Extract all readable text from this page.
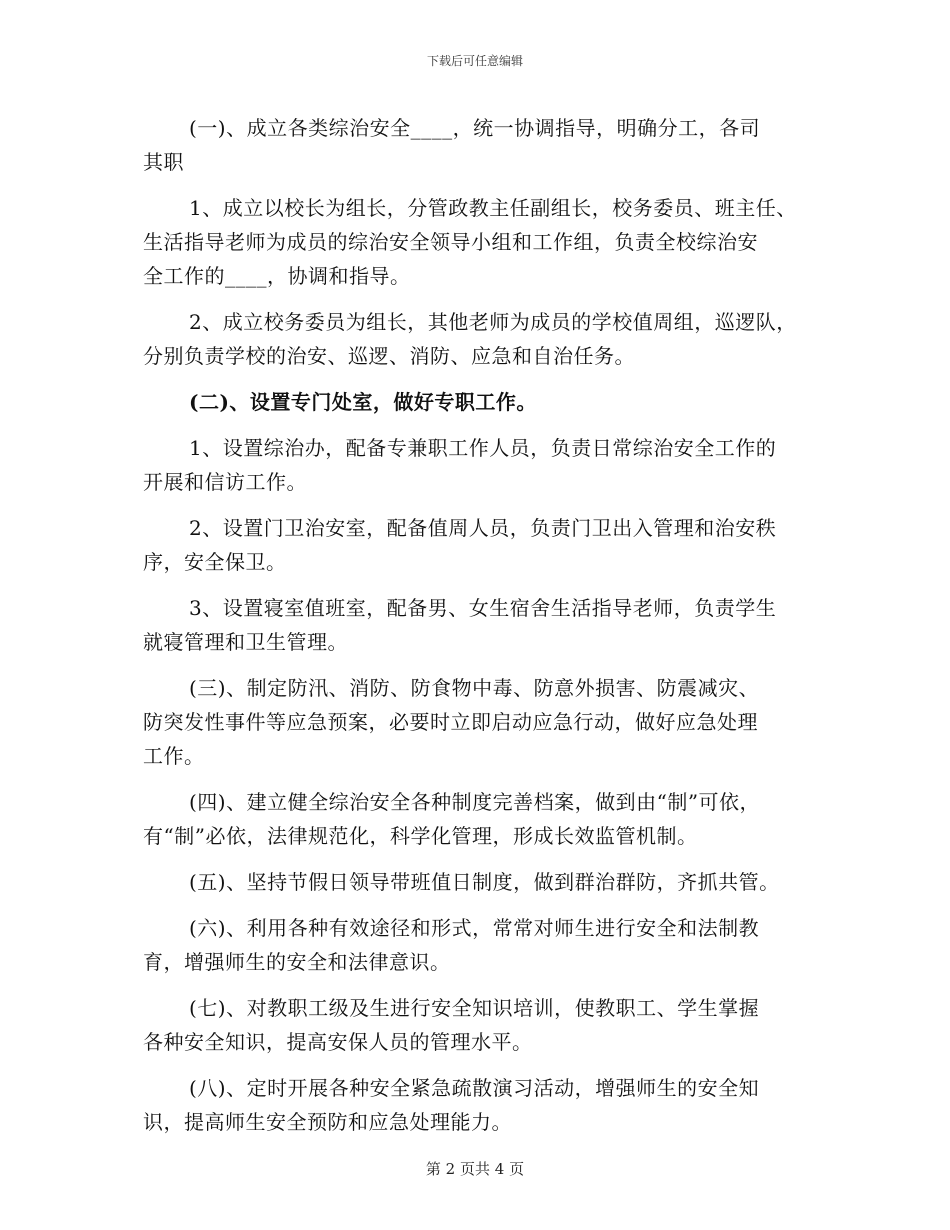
下载后可任意编辑
(一)、成立各类综治安全____，统一协调指导，明确分工，各司
其职
1、成立以校长为组长，分管政教主任副组长，校务委员、班主任、
生活指导老师为成员的综治安全领导小组和工作组，负责全校综治安
全工作的____，协调和指导。
2、成立校务委员为组长，其他老师为成员的学校值周组，巡逻队，
分别负责学校的治安、巡逻、消防、应急和自治任务。
(二)、设置专门处室，做好专职工作。
1、设置综治办，配备专兼职工作人员，负责日常综治安全工作的
开展和信访工作。
2、设置门卫治安室，配备值周人员，负责门卫出入管理和治安秩
序，安全保卫。
3、设置寝室值班室，配备男、女生宿舍生活指导老师，负责学生
就寝管理和卫生管理。
(三)、制定防汛、消防、防食物中毒、防意外损害、防震减灾、
防突发性事件等应急预案，必要时立即启动应急行动，做好应急处理
工作。
(四)、建立健全综治安全各种制度完善档案，做到由“制”可依，
有“制”必依，法律规范化，科学化管理，形成长效监管机制。
(五)、坚持节假日领导带班值日制度，做到群治群防，齐抓共管。
(六)、利用各种有效途径和形式，常常对师生进行安全和法制教
育，增强师生的安全和法律意识。
(七)、对教职工级及生进行安全知识培训，使教职工、学生掌握
各种安全知识，提高安保人员的管理水平。
(八)、定时开展各种安全紧急疏散演习活动，增强师生的安全知
识，提高师生安全预防和应急处理能力。
第 2 页共 4 页
